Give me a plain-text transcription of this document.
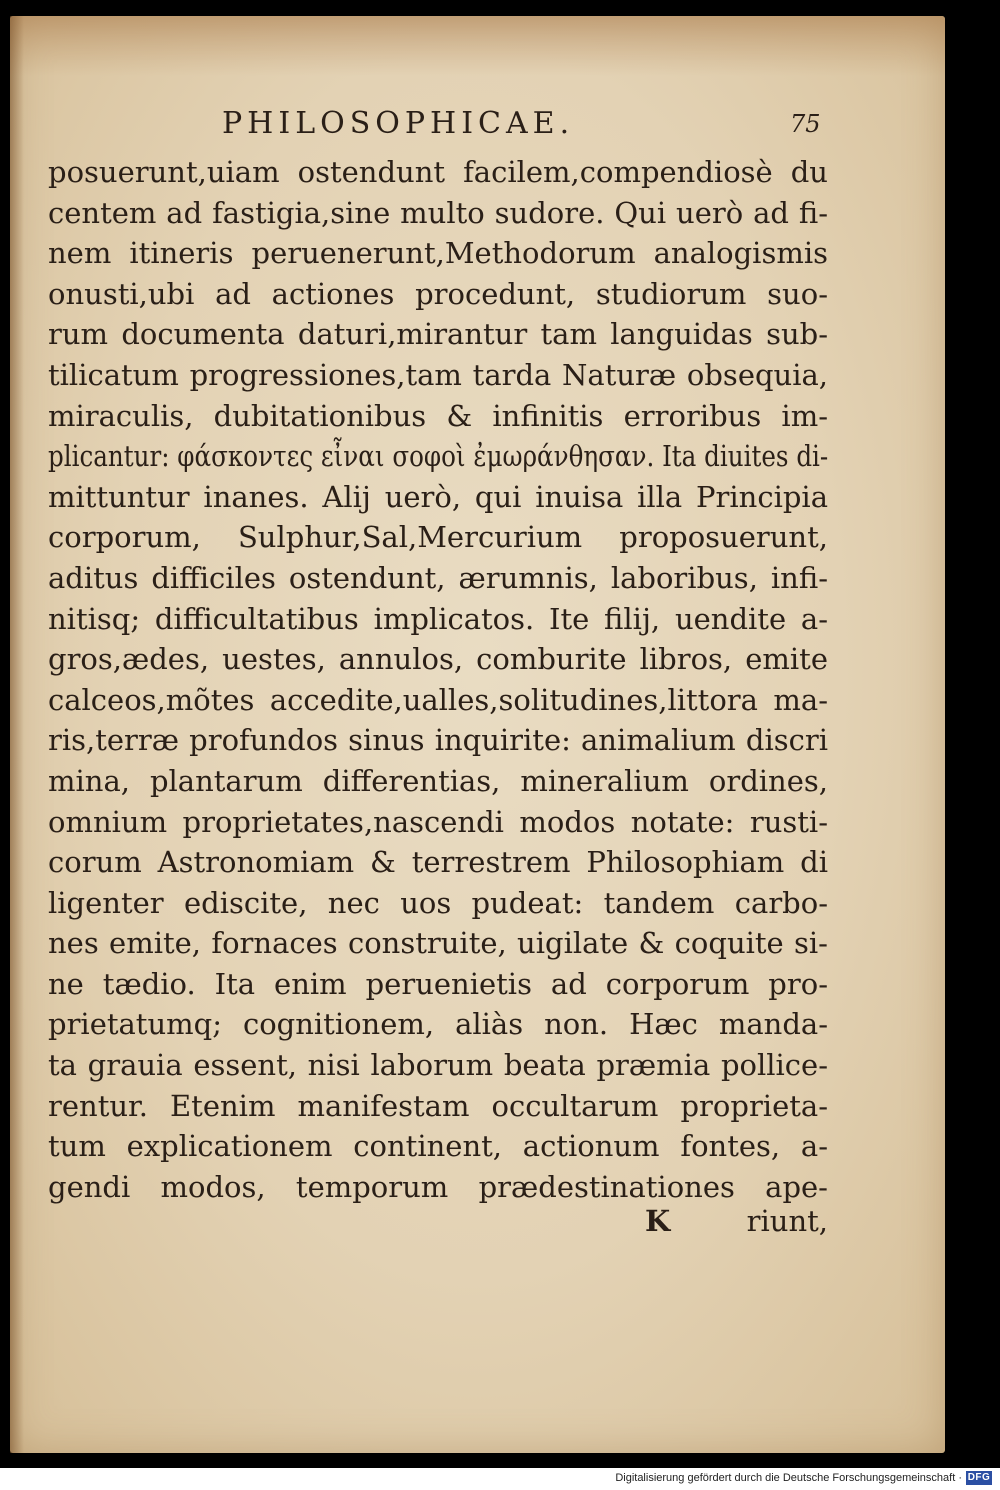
PHILOSOPHICAE.	75
posuerunt,uiam ostendunt facilem,compendiosè du
centem ad fastigia,sine multo sudore. Qui uerò ad fi-
nem itineris peruenerunt,Methodorum analogismis
onusti,ubi ad actiones procedunt, studiorum suo-
rum documenta daturi,mirantur tam languidas sub-
tilicatum progressiones,tam tarda Naturæ obsequia,
miraculis, dubitationibus & infinitis erroribus im-
plicantur: φάσκοντες εἶναι σοφοὶ ἐμωράνθησαν. Ita diuites di-
mittuntur inanes. Alij uerò, qui inuisa illa Principia
corporum, Sulphur,Sal,Mercurium proposuerunt,
aditus difficiles ostendunt, ærumnis, laboribus, infi-
nitisq; difficultatibus implicatos. Ite filij, uendite a-
gros,ædes, uestes, annulos, comburite libros, emite
calceos,mõtes accedite,ualles,solitudines,littora ma-
ris,terræ profundos sinus inquirite: animalium discri
mina, plantarum differentias, mineralium ordines,
omnium proprietates,nascendi modos notate: rusti-
corum Astronomiam & terrestrem Philosophiam di
ligenter ediscite, nec uos pudeat: tandem carbo-
nes emite, fornaces construite, uigilate & coquite si-
ne tædio. Ita enim peruenietis ad corporum pro-
prietatumq; cognitionem, aliàs non. Hæc manda-
ta grauia essent, nisi laborum beata præmia pollice-
rentur. Etenim manifestam occultarum proprieta-
tum explicationem continent, actionum fontes, a-
gendi modos, temporum prædestinationes ape-
K	riunt,
Digitalisierung gefördert durch die Deutsche Forschungsgemeinschaft · DFG
